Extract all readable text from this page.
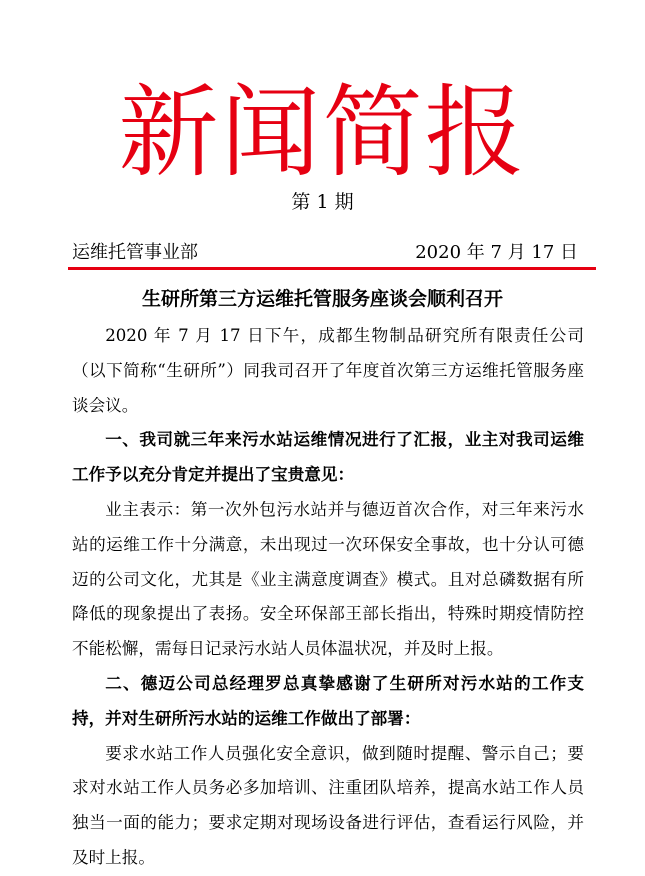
新闻简报
第 1 期
运维托管事业部	2020 年 7 月 17 日
生研所第三方运维托管服务座谈会顺利召开

2020 年 7 月 17 日下午，成都生物制品研究所有限责任公司（以下简称“生研所”）同我司召开了年度首次第三方运维托管服务座谈会议。

一、我司就三年来污水站运维情况进行了汇报，业主对我司运维工作予以充分肯定并提出了宝贵意见：

业主表示：第一次外包污水站并与德迈首次合作，对三年来污水站的运维工作十分满意，未出现过一次环保安全事故，也十分认可德迈的公司文化，尤其是《业主满意度调查》模式。且对总磷数据有所降低的现象提出了表扬。安全环保部王部长指出，特殊时期疫情防控不能松懈，需每日记录污水站人员体温状况，并及时上报。

二、德迈公司总经理罗总真挚感谢了生研所对污水站的工作支持，并对生研所污水站的运维工作做出了部署：

要求水站工作人员强化安全意识，做到随时提醒、警示自己；要求对水站工作人员务必多加培训、注重团队培养，提高水站工作人员独当一面的能力；要求定期对现场设备进行评估，查看运行风险，并及时上报。
